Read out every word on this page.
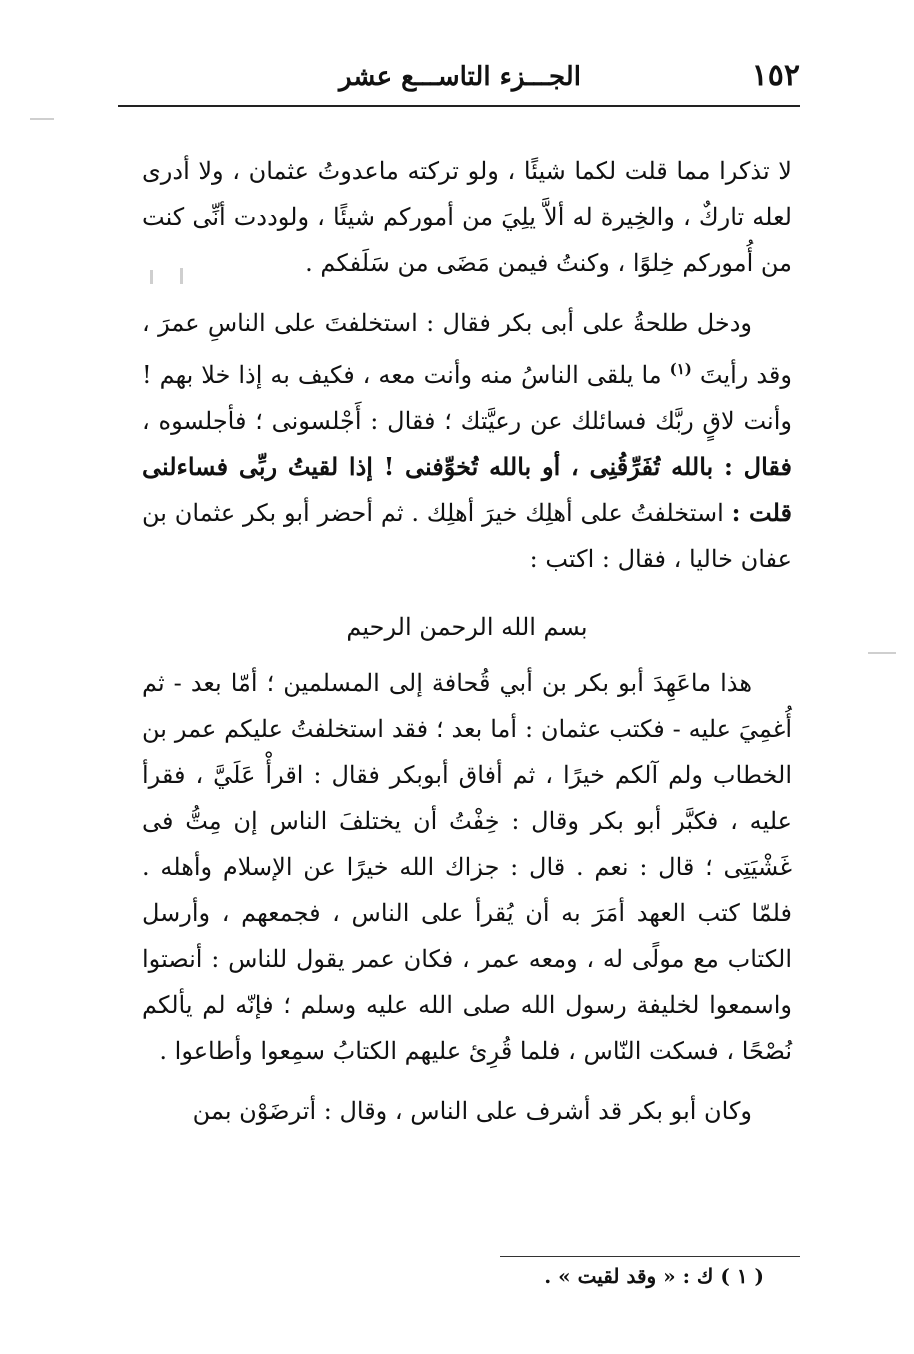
١٥٢
الجـــزء التاســـع عشر

لا تذكرا مما قلت لكما شيئًا ، ولو تركته ماعدوتُ عثمان ، ولا أدرى لعله تاركٌ ، والخِيرة له ألاَّ يلِيَ من أموركم شيئًا ، ولوددت أنِّى كنت من أُموركم خِلوًا ، وكنتُ فيمن مَضَى من سَلَفكم .

ودخل طلحةُ على أبى بكر فقال : استخلفتَ على الناسِ عمرَ ، وقد رأيتَ $^{(١)}$ ما يلقى الناسُ منه وأنت معه ، فكيف به إذا خلا بهم ! وأنت لاقٍ ربَّك فسائلك عن رعيَّتك ؛ فقال : أَجْلسونى ؛ فأجلسوه ، فقال : بالله تُفَرِّقُنِى ، أو بالله تُخوِّفنى ! إذا لقيتُ ربِّى فساءلنى قلت : استخلفتُ على أهلِك خيرَ أهلِك . ثم أحضر أبو بكر عثمان بن عفان خاليا ، فقال : اكتب :

بسم الله الرحمن الرحيم

هذا ماعَهِدَ أبو بكر بن أبي قُحافة إلى المسلمين ؛ أمّا بعد - ثم أُغمِيَ عليه - فكتب عثمان : أما بعد ؛ فقد استخلفتُ عليكم عمر بن الخطاب ولم آلكم خيرًا ، ثم أفاق أبوبكر فقال : اقرأْ عَلَيَّ ، فقرأ عليه ، فكبَّر أبو بكر وقال : خِفْتُ أن يختلفَ الناس إن مِتُّ فى غَشْيَتِى ؛ قال : نعم . قال : جزاك الله خيرًا عن الإسلام وأهله . فلمّا كتب العهد أمَرَ به أن يُقرأ على الناس ، فجمعهم ، وأرسل الكتاب مع مولًى له ، ومعه عمر ، فكان عمر يقول للناس : أنصتوا واسمعوا لخليفة رسول الله صلى الله عليه وسلم ؛ فإنّه لم يألكم نُصْحًا ، فسكت النّاس ، فلما قُرِئ عليهم الكتابُ سمِعوا وأطاعوا .

وكان أبو بكر قد أشرف على الناس ، وقال : أترضَوْن بمن

( ١ ) ك : « وقد لقيت » .
